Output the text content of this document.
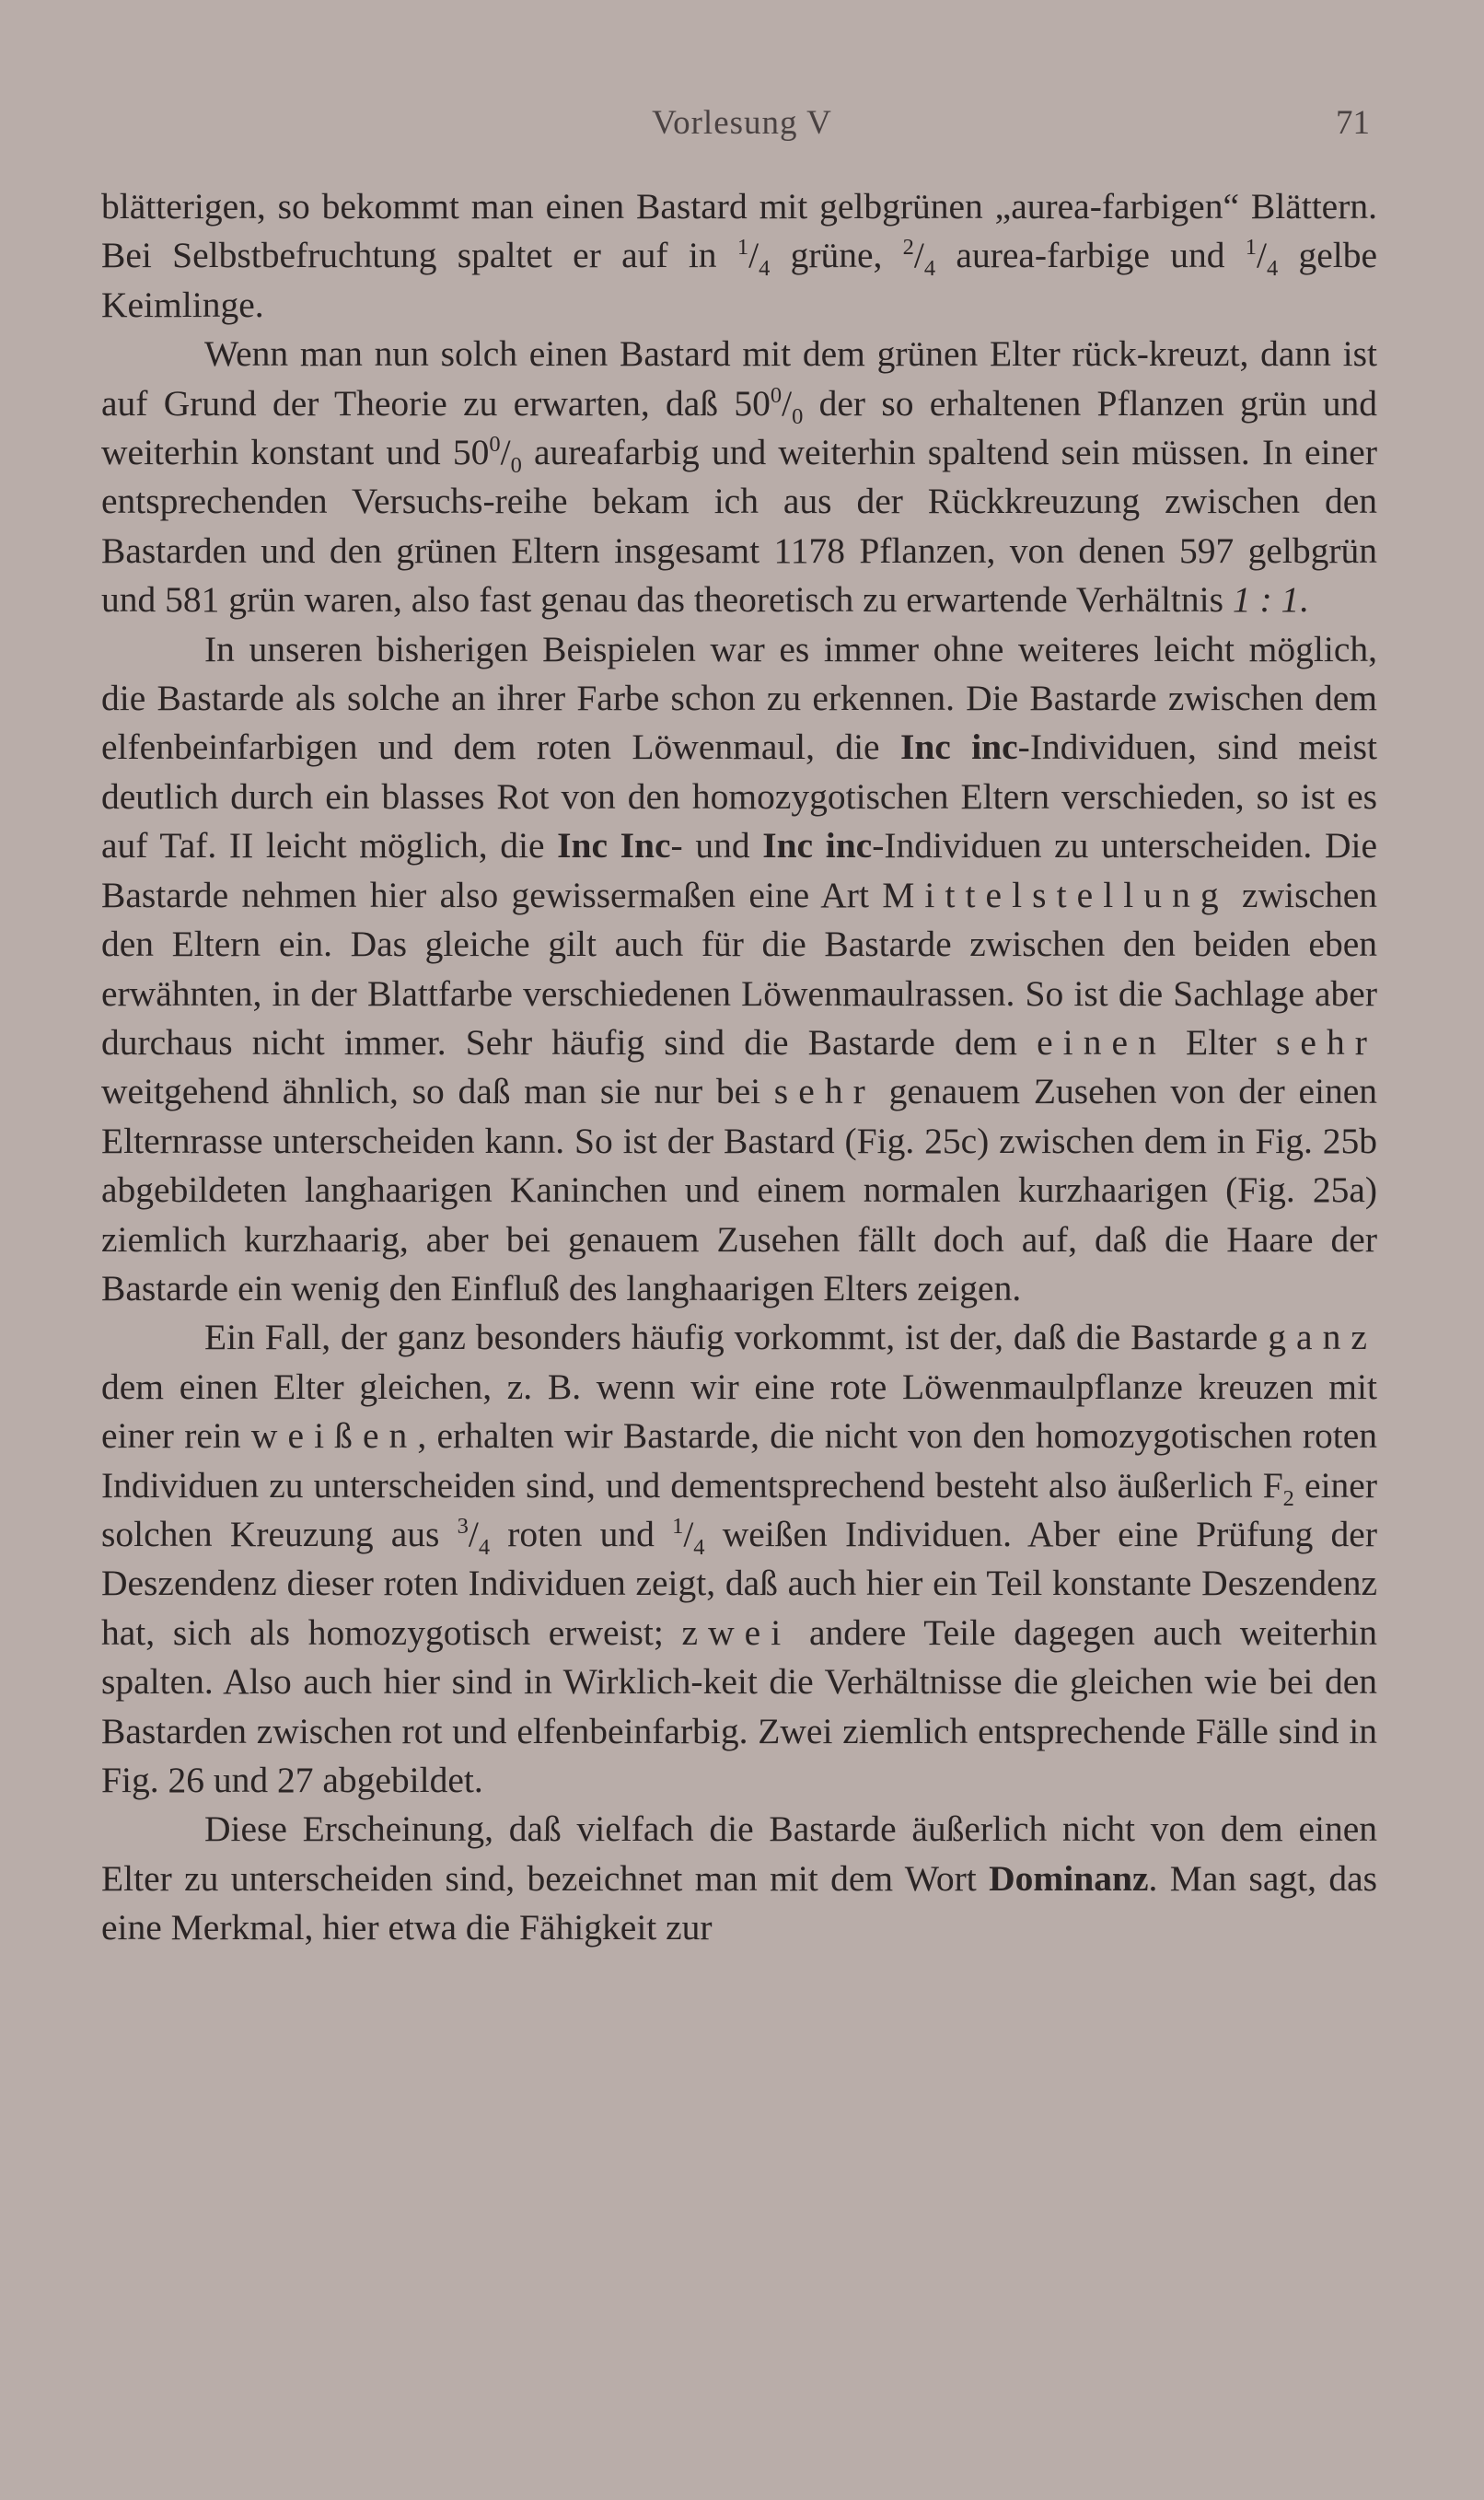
Vorlesung V	71

blätterigen, so bekommt man einen Bastard mit gelbgrünen „aurea-farbigen“ Blättern. Bei Selbstbefruchtung spaltet er auf in $^1/_4$ grüne, $^2/_4$ aurea-farbige und $^1/_4$ gelbe Keimlinge.

Wenn man nun solch einen Bastard mit dem grünen Elter rück-kreuzt, dann ist auf Grund der Theorie zu erwarten, daß $50^0/_0$ der so erhaltenen Pflanzen grün und weiterhin konstant und $50^0/_0$ aureafarbig und weiterhin spaltend sein müssen. In einer entsprechenden Versuchs-reihe bekam ich aus der Rückkreuzung zwischen den Bastarden und den grünen Eltern insgesamt 1178 Pflanzen, von denen 597 gelbgrün und 581 grün waren, also fast genau das theoretisch zu erwartende Verhältnis 1 : 1.

In unseren bisherigen Beispielen war es immer ohne weiteres leicht möglich, die Bastarde als solche an ihrer Farbe schon zu erkennen. Die Bastarde zwischen dem elfenbeinfarbigen und dem roten Löwenmaul, die Inc inc-Individuen, sind meist deutlich durch ein blasses Rot von den homozygotischen Eltern verschieden, so ist es auf Taf. II leicht möglich, die Inc Inc- und Inc inc-Individuen zu unterscheiden. Die Bastarde nehmen hier also gewissermaßen eine Art Mittelstellung zwischen den Eltern ein. Das gleiche gilt auch für die Bastarde zwischen den beiden eben erwähnten, in der Blattfarbe verschiedenen Löwenmaulrassen. So ist die Sachlage aber durchaus nicht immer. Sehr häufig sind die Bastarde dem einen Elter sehr weitgehend ähnlich, so daß man sie nur bei sehr genauem Zusehen von der einen Elternrasse unterscheiden kann. So ist der Bastard (Fig. 25c) zwischen dem in Fig. 25b abgebildeten langhaarigen Kaninchen und einem normalen kurzhaarigen (Fig. 25a) ziemlich kurzhaarig, aber bei genauem Zusehen fällt doch auf, daß die Haare der Bastarde ein wenig den Einfluß des langhaarigen Elters zeigen.

Ein Fall, der ganz besonders häufig vorkommt, ist der, daß die Bastarde ganz dem einen Elter gleichen, z. B. wenn wir eine rote Löwenmaulpflanze kreuzen mit einer rein weißen, erhalten wir Bastarde, die nicht von den homozygotischen roten Individuen zu unterscheiden sind, und dementsprechend besteht also äußerlich $F_2$ einer solchen Kreuzung aus $^3/_4$ roten und $^1/_4$ weißen Individuen. Aber eine Prüfung der Deszendenz dieser roten Individuen zeigt, daß auch hier ein Teil konstante Deszendenz hat, sich als homozygotisch erweist; zwei andere Teile dagegen auch weiterhin spalten. Also auch hier sind in Wirklich-keit die Verhältnisse die gleichen wie bei den Bastarden zwischen rot und elfenbeinfarbig. Zwei ziemlich entsprechende Fälle sind in Fig. 26 und 27 abgebildet.

Diese Erscheinung, daß vielfach die Bastarde äußerlich nicht von dem einen Elter zu unterscheiden sind, bezeichnet man mit dem Wort Dominanz. Man sagt, das eine Merkmal, hier etwa die Fähigkeit zur
